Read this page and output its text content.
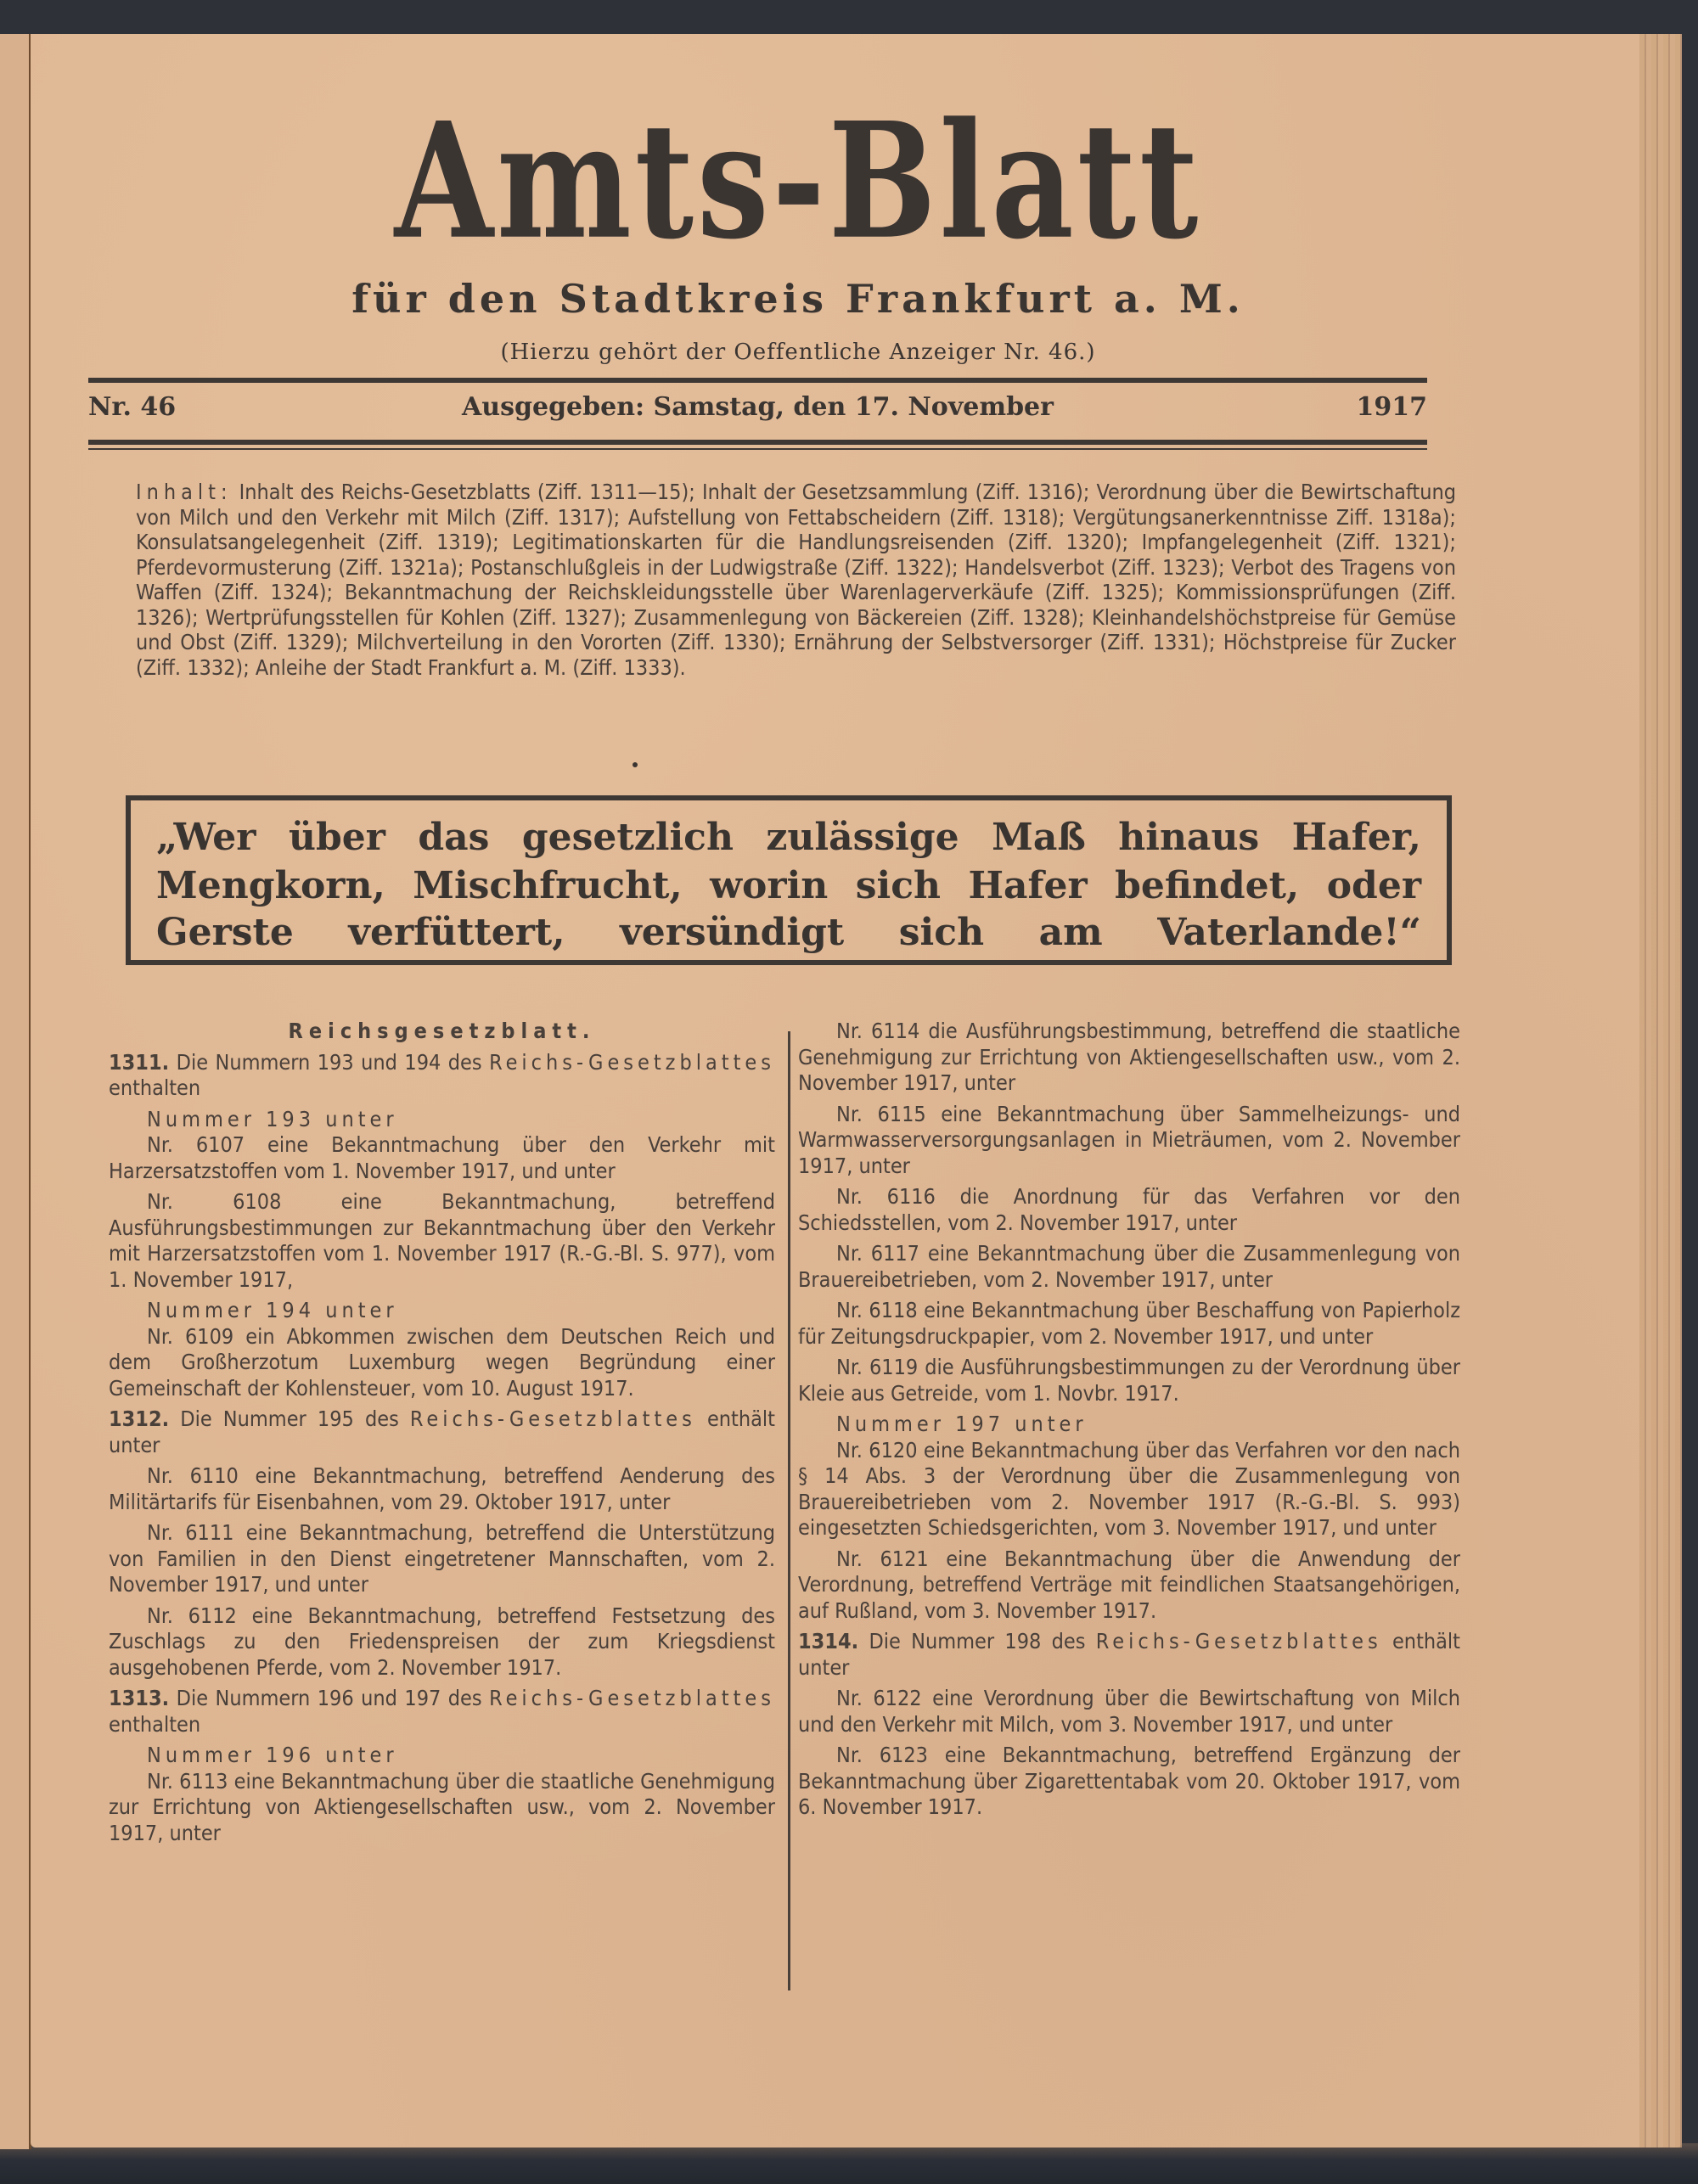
Amts-Blatt
für den Stadtkreis Frankfurt a. M.
(Hierzu gehört der Oeffentliche Anzeiger Nr. 46.)
Nr. 46	Ausgegeben: Samstag, den 17. November	1917
Inhalt: Inhalt des Reichs-Gesetzblatts (Ziff. 1311—15); Inhalt der Gesetzsammlung (Ziff. 1316); Verordnung über die Bewirtschaftung von Milch und den Verkehr mit Milch (Ziff. 1317); Aufstellung von Fettabscheidern (Ziff. 1318); Vergütungsanerkenntnisse Ziff. 1318a); Konsulatsangelegenheit (Ziff. 1319); Legitimationskarten für die Handlungsreisenden (Ziff. 1320); Impfangelegenheit (Ziff. 1321); Pferdevormusterung (Ziff. 1321a); Postanschlußgleis in der Ludwigstraße (Ziff. 1322); Handelsverbot (Ziff. 1323); Verbot des Tragens von Waffen (Ziff. 1324); Bekanntmachung der Reichskleidungsstelle über Warenlagerverkäufe (Ziff. 1325); Kommissionsprüfungen (Ziff. 1326); Wertprüfungsstellen für Kohlen (Ziff. 1327); Zusammenlegung von Bäckereien (Ziff. 1328); Kleinhandelshöchstpreise für Gemüse und Obst (Ziff. 1329); Milchverteilung in den Vororten (Ziff. 1330); Ernährung der Selbstversorger (Ziff. 1331); Höchstpreise für Zucker (Ziff. 1332); Anleihe der Stadt Frankfurt a. M. (Ziff. 1333).
„Wer über das gesetzlich zulässige Maß hinaus Hafer,
Mengkorn, Mischfrucht, worin sich Hafer befindet, oder
Gerste verfüttert, versündigt sich am Vaterlande!“
Reichsgesetzblatt.

1311. Die Nummern 193 und 194 des Reichs-Gesetzblattes enthalten

Nummer 193 unter

Nr. 6107 eine Bekanntmachung über den Verkehr mit Harzersatzstoffen vom 1. November 1917, und unter

Nr. 6108 eine Bekanntmachung, betreffend Ausführungsbestimmungen zur Bekanntmachung über den Verkehr mit Harzersatzstoffen vom 1. November 1917 (R.-G.-Bl. S. 977), vom 1. November 1917,

Nummer 194 unter

Nr. 6109 ein Abkommen zwischen dem Deutschen Reich und dem Großherzotum Luxemburg wegen Begründung einer Gemeinschaft der Kohlensteuer, vom 10. August 1917.

1312. Die Nummer 195 des Reichs-Gesetzblattes enthält unter

Nr. 6110 eine Bekanntmachung, betreffend Aenderung des Militärtarifs für Eisenbahnen, vom 29. Oktober 1917, unter

Nr. 6111 eine Bekanntmachung, betreffend die Unterstützung von Familien in den Dienst eingetretener Mannschaften, vom 2. November 1917, und unter

Nr. 6112 eine Bekanntmachung, betreffend Festsetzung des Zuschlags zu den Friedenspreisen der zum Kriegsdienst ausgehobenen Pferde, vom 2. November 1917.

1313. Die Nummern 196 und 197 des Reichs-Gesetzblattes enthalten

Nummer 196 unter

Nr. 6113 eine Bekanntmachung über die staatliche Genehmigung zur Errichtung von Aktiengesellschaften usw., vom 2. November 1917, unter

Nr. 6114 die Ausführungsbestimmung, betreffend die staatliche Genehmigung zur Errichtung von Aktiengesellschaften usw., vom 2. November 1917, unter

Nr. 6115 eine Bekanntmachung über Sammelheizungs- und Warmwasserversorgungsanlagen in Mieträumen, vom 2. November 1917, unter

Nr. 6116 die Anordnung für das Verfahren vor den Schiedsstellen, vom 2. November 1917, unter

Nr. 6117 eine Bekanntmachung über die Zusammenlegung von Brauereibetrieben, vom 2. November 1917, unter

Nr. 6118 eine Bekanntmachung über Beschaffung von Papierholz für Zeitungsdruckpapier, vom 2. November 1917, und unter

Nr. 6119 die Ausführungsbestimmungen zu der Verordnung über Kleie aus Getreide, vom 1. Novbr. 1917.

Nummer 197 unter

Nr. 6120 eine Bekanntmachung über das Verfahren vor den nach § 14 Abs. 3 der Verordnung über die Zusammenlegung von Brauereibetrieben vom 2. November 1917 (R.-G.-Bl. S. 993) eingesetzten Schiedsgerichten, vom 3. November 1917, und unter

Nr. 6121 eine Bekanntmachung über die Anwendung der Verordnung, betreffend Verträge mit feindlichen Staatsangehörigen, auf Rußland, vom 3. November 1917.

1314. Die Nummer 198 des Reichs-Gesetzblattes enthält unter

Nr. 6122 eine Verordnung über die Bewirtschaftung von Milch und den Verkehr mit Milch, vom 3. November 1917, und unter

Nr. 6123 eine Bekanntmachung, betreffend Ergänzung der Bekanntmachung über Zigarettentabak vom 20. Oktober 1917, vom 6. November 1917.
